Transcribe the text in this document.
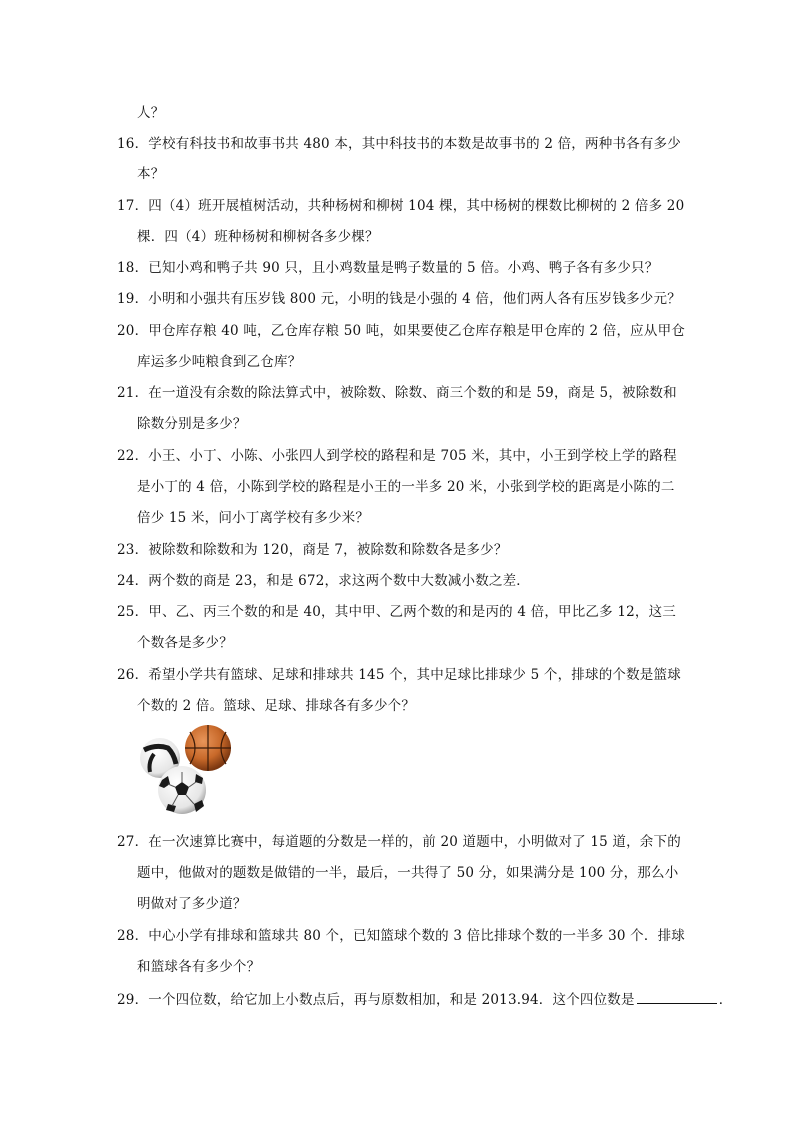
人？
16．学校有科技书和故事书共 480 本，其中科技书的本数是故事书的 2 倍，两种书各有多少
本？
17．四（4）班开展植树活动，共种杨树和柳树 104 棵，其中杨树的棵数比柳树的 2 倍多 20
棵．四（4）班种杨树和柳树各多少棵？
18．已知小鸡和鸭子共 90 只，且小鸡数量是鸭子数量的 5 倍。小鸡、鸭子各有多少只？
19．小明和小强共有压岁钱 800 元，小明的钱是小强的 4 倍，他们两人各有压岁钱多少元？
20．甲仓库存粮 40 吨，乙仓库存粮 50 吨，如果要使乙仓库存粮是甲仓库的 2 倍，应从甲仓
库运多少吨粮食到乙仓库？
21．在一道没有余数的除法算式中，被除数、除数、商三个数的和是 59，商是 5，被除数和
除数分别是多少？
22．小王、小丁、小陈、小张四人到学校的路程和是 705 米，其中，小王到学校上学的路程
是小丁的 4 倍，小陈到学校的路程是小王的一半多 20 米，小张到学校的距离是小陈的二
倍少 15 米，问小丁离学校有多少米？
23．被除数和除数和为 120，商是 7，被除数和除数各是多少？
24．两个数的商是 23，和是 672，求这两个数中大数减小数之差．
25．甲、乙、丙三个数的和是 40，其中甲、乙两个数的和是丙的 4 倍，甲比乙多 12，这三
个数各是多少？
26．希望小学共有篮球、足球和排球共 145 个，其中足球比排球少 5 个，排球的个数是篮球
个数的 2 倍。篮球、足球、排球各有多少个？
27．在一次速算比赛中，每道题的分数是一样的，前 20 道题中，小明做对了 15 道，余下的
题中，他做对的题数是做错的一半，最后，一共得了 50 分，如果满分是 100 分，那么小
明做对了多少道？
28．中心小学有排球和篮球共 80 个，已知篮球个数的 3 倍比排球个数的一半多 30 个．排球
和篮球各有多少个？
29．一个四位数，给它加上小数点后，再与原数相加，和是 2013.94．这个四位数是	．
